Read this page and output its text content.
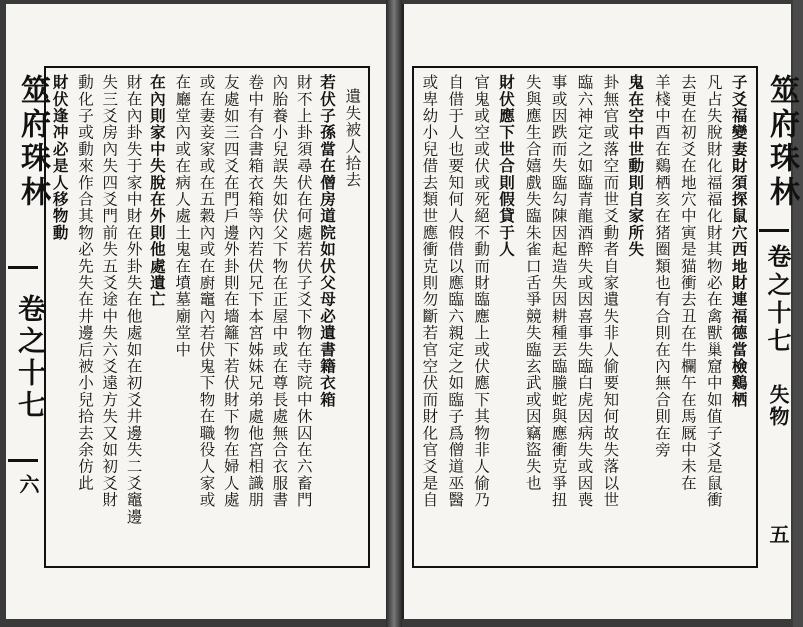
筮府珠林
卷之十七
六
遺失被人拾去
若伏子孫當在僧房道院如伏父母必遺書籍衣箱
財不上卦須尋伏在何處若伏子爻下物在寺院中休囚在六畜門
內胎養小兒誤失如伏父下物在正屋中或在尊長處無合衣服書
卷中有合書箱衣箱等內若伏兄下本宮姊妹兄弟處他宮相識朋
友處如三四爻在門戶邊外卦則在墻籬下若伏財下物在婦人處
或在妻妾家或在五穀內或在廚竈內若伏鬼下物在職役人家或
在廳堂內或在病人處土鬼在墳墓廟堂中
在內則家中失脫在外則他處遺亡
財在內卦失于家中財在外卦失在他處如在初爻井邊失二爻竈邊
失三爻房內失四爻門前失五爻途中失六爻遠方失又如初爻財
動化子或動來作合其物必先失在井邊后被小兒拾去余仿此
財伏逢冲必是人移物動	子爻福變妻財須探鼠穴西地財連福德當檢鷄栖
凡占失脫財化福福化財其物必在禽獸巢窟中如值子爻是鼠衝
去更在初爻在地穴中寅是猫衝去丑在牛欄午在馬厩中未在
羊棧中酉在鷄栖亥在猪圈類也有合則在內無合則在旁
鬼在空中世動則自家所失
卦無官或落空而世爻動者自家遺失非人偷要知何故失落以世
臨六神定之如臨青龍酒醉失或因喜事失臨白虎因病失或因喪
事或因跌而失臨勾陳因起造失因耕種丟臨螣蛇與應衝克爭扭
失與應生合嬉戲失臨朱雀口舌爭競失臨玄武或因竊盜失也
財伏應下世合則假貸于人
官鬼或空或伏或死絕不動而財臨應上或伏應下其物非人偷乃
自借于人也要知何人假借以應臨六親定之如臨子爲僧道巫醫
或卑幼小兒借去類世應衝克則勿斷若官空伏而財化官爻是自	筮府珠林
卷之十七
失物
五
